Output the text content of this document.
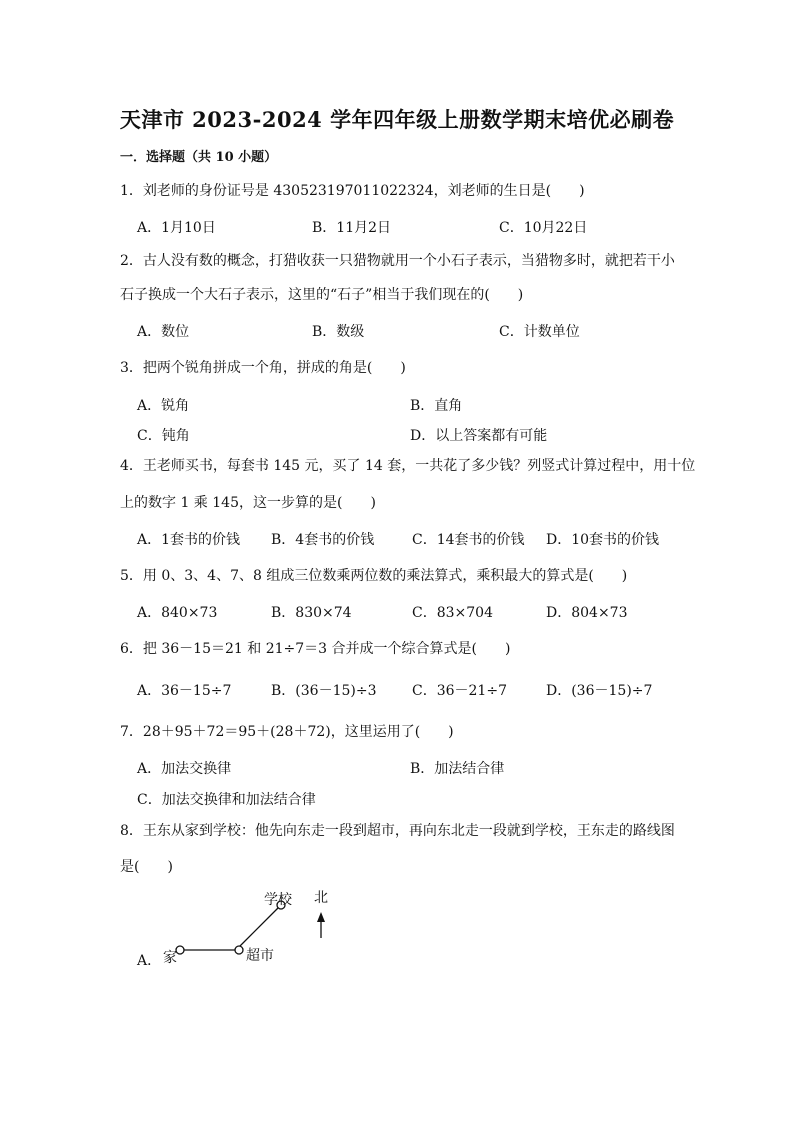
天津市 2023-2024 学年四年级上册数学期末培优必刷卷
一．选择题（共 10 小题）
1．刘老师的身份证号是 430523197011022324，刘老师的生日是(　　)
A．1月10日	B．11月2日	C．10月22日
2．古人没有数的概念，打猎收获一只猎物就用一个小石子表示，当猎物多时，就把若干小
石子换成一个大石子表示，这里的“石子”相当于我们现在的(　　)
A．数位	B．数级	C．计数单位
3．把两个锐角拼成一个角，拼成的角是(　　)
A．锐角	B．直角
C．钝角	D．以上答案都有可能
4．王老师买书，每套书 145 元，买了 14 套，一共花了多少钱？列竖式计算过程中，用十位
上的数字 1 乘 145，这一步算的是(　　)
A．1套书的价钱 B．4套书的价钱	C．14套书的价钱 D．10套书的价钱
5．用 0、3、4、7、8 组成三位数乘两位数的乘法算式，乘积最大的算式是(　　)
A．840×73	B．830×74	C．83×704	D．804×73
6．把 36－15＝21 和 21÷7＝3 合并成一个综合算式是(　　)
A．36－15÷7	B．(36－15)÷3	C．36－21÷7	D．(36－15)÷7
7．28＋95＋72＝95＋(28＋72)，这里运用了(　　)
A．加法交换律	B．加法结合律
C．加法交换律和加法结合律
8．王东从家到学校：他先向东走一段到超市，再向东北走一段就到学校，王东走的路线图
是(　　)
A． 家	超市
学校 北
